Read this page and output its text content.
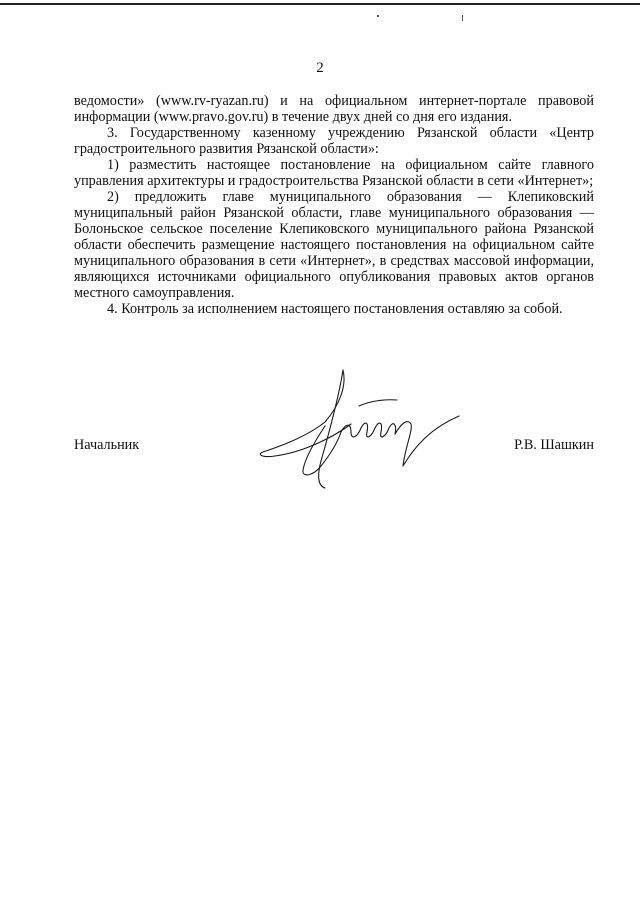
2

ведомости» (www.rv-ryazan.ru) и на официальном интернет-портале правовой информации (www.pravo.gov.ru) в течение двух дней со дня его издания.

3. Государственному казенному учреждению Рязанской области «Центр градостроительного развития Рязанской области»:

1) разместить настоящее постановление на официальном сайте главного управления архитектуры и градостроительства Рязанской области в сети «Интернет»;

2) предложить главе муниципального образования — Клепиковский муниципальный район Рязанской области, главе муниципального образования — Болоньское сельское поселение Клепиковского муниципального района Рязанской области обеспечить размещение настоящего постановления на официальном сайте муниципального образования в сети «Интернет», в средствах массовой информации, являющихся источниками официального опубликования правовых актов органов местного самоуправления.

4. Контроль за исполнением настоящего постановления оставляю за собой.

Начальник	Р.В. Шашкин
